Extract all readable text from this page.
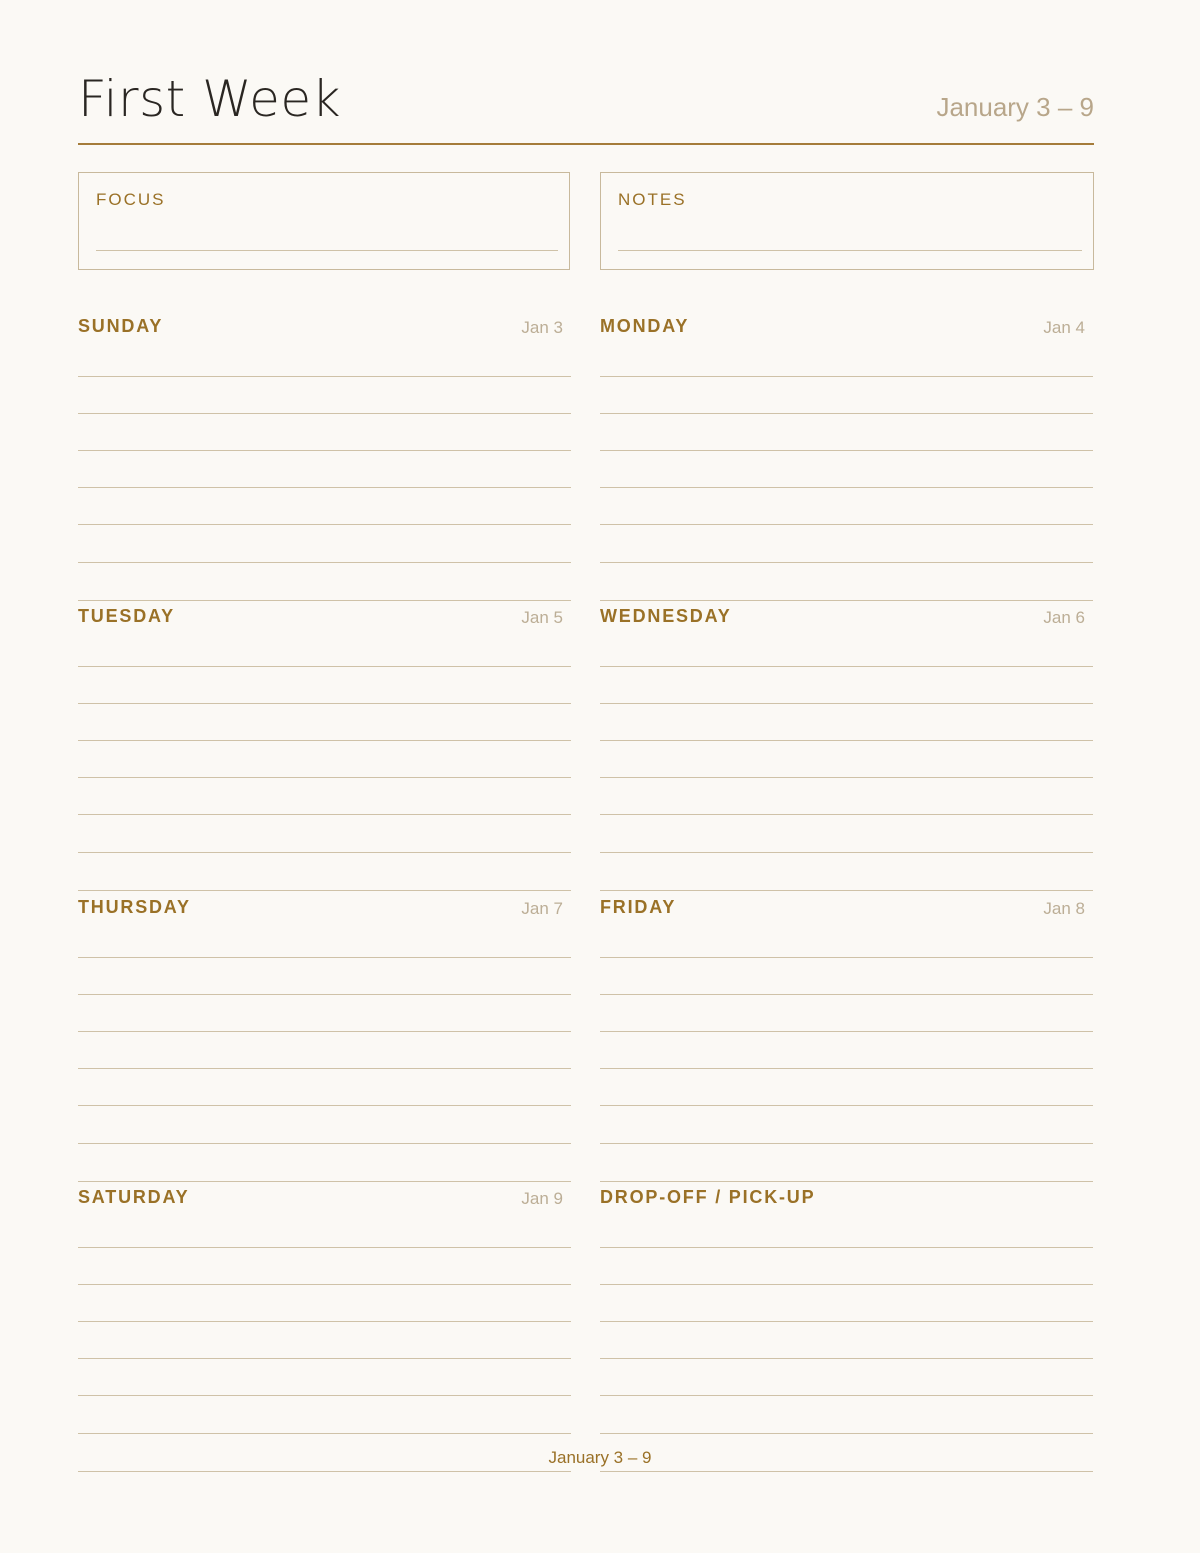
First Week	January 3 – 9
FOCUS	NOTES
SUNDAY	Jan 3 MONDAY	Jan 4
TUESDAY	Jan 5 WEDNESDAY	Jan 6
THURSDAY	Jan 7 FRIDAY	Jan 8
SATURDAY	Jan 9 DROP-OFF / PICK-UP
January 3 – 9
